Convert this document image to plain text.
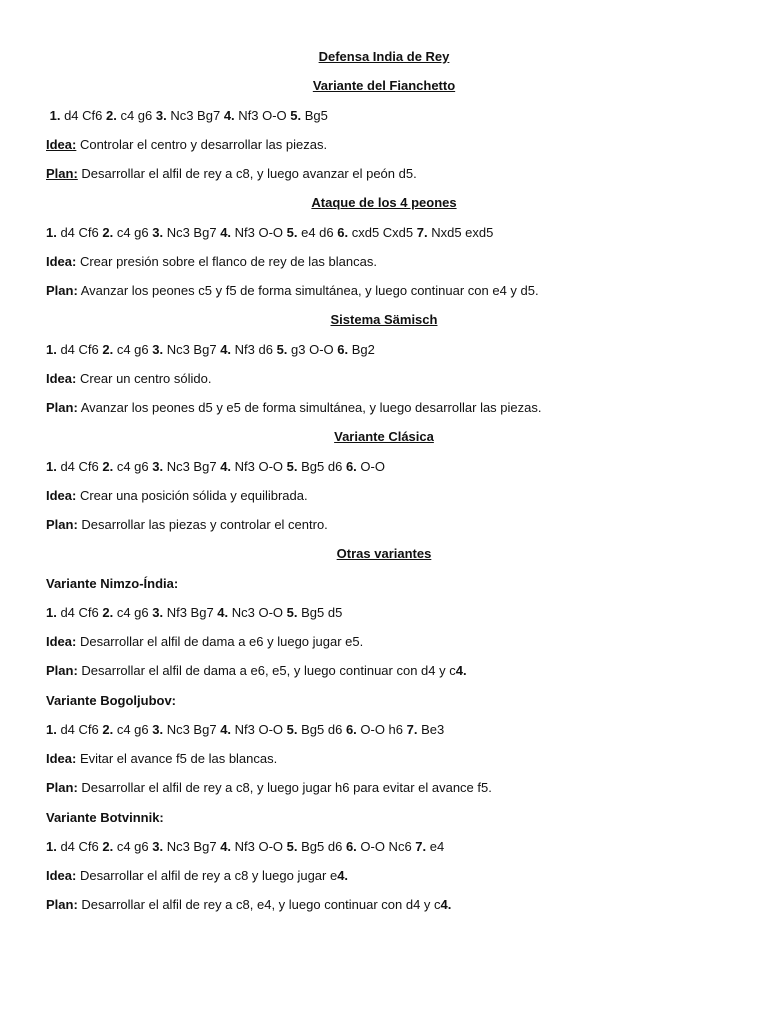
Defensa India de Rey
Variante del Fianchetto
1. d4 Cf6 2. c4 g6 3. Nc3 Bg7 4. Nf3 O-O 5. Bg5
Idea: Controlar el centro y desarrollar las piezas.
Plan: Desarrollar el alfil de rey a c8, y luego avanzar el peón d5.
Ataque de los 4 peones
1. d4 Cf6 2. c4 g6 3. Nc3 Bg7 4. Nf3 O-O 5. e4 d6 6. cxd5 Cxd5 7. Nxd5 exd5
Idea: Crear presión sobre el flanco de rey de las blancas.
Plan: Avanzar los peones c5 y f5 de forma simultánea, y luego continuar con e4 y d5.
Sistema Sämisch
1. d4 Cf6 2. c4 g6 3. Nc3 Bg7 4. Nf3 d6 5. g3 O-O 6. Bg2
Idea: Crear un centro sólido.
Plan: Avanzar los peones d5 y e5 de forma simultánea, y luego desarrollar las piezas.
Variante Clásica
1. d4 Cf6 2. c4 g6 3. Nc3 Bg7 4. Nf3 O-O 5. Bg5 d6 6. O-O
Idea: Crear una posición sólida y equilibrada.
Plan: Desarrollar las piezas y controlar el centro.
Otras variantes
Variante Nimzo-Índia:
1. d4 Cf6 2. c4 g6 3. Nf3 Bg7 4. Nc3 O-O 5. Bg5 d5
Idea: Desarrollar el alfil de dama a e6 y luego jugar e5.
Plan: Desarrollar el alfil de dama a e6, e5, y luego continuar con d4 y c4.
Variante Bogoljubov:
1. d4 Cf6 2. c4 g6 3. Nc3 Bg7 4. Nf3 O-O 5. Bg5 d6 6. O-O h6 7. Be3
Idea: Evitar el avance f5 de las blancas.
Plan: Desarrollar el alfil de rey a c8, y luego jugar h6 para evitar el avance f5.
Variante Botvinnik:
1. d4 Cf6 2. c4 g6 3. Nc3 Bg7 4. Nf3 O-O 5. Bg5 d6 6. O-O Nc6 7. e4
Idea: Desarrollar el alfil de rey a c8 y luego jugar e4.
Plan: Desarrollar el alfil de rey a c8, e4, y luego continuar con d4 y c4.
